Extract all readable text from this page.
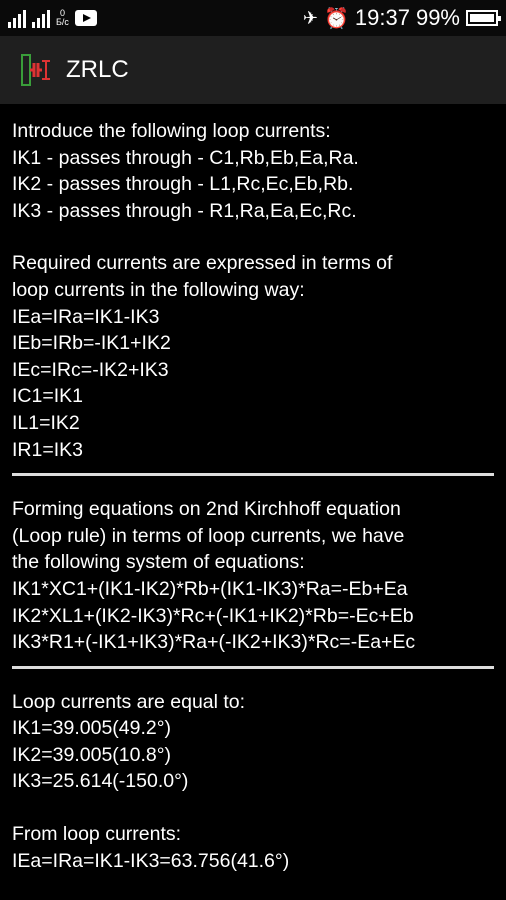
0
Б/с	✈ ⏰ 19:37 99%
ZRLC

Introduce the following loop currents:

IK1 - passes through - C1,Rb,Eb,Ea,Ra.

IK2 - passes through - L1,Rc,Ec,Eb,Rb.

IK3 - passes through - R1,Ra,Ea,Ec,Rc.

Required currents are expressed in terms of

loop currents in the following way:

IEa=IRa=IK1-IK3

IEb=IRb=-IK1+IK2

IEc=IRc=-IK2+IK3

IC1=IK1

IL1=IK2

IR1=IK3

Forming equations on 2nd Kirchhoff equation

(Loop rule) in terms of loop currents, we have

the following system of equations:

IK1*XC1+(IK1-IK2)*Rb+(IK1-IK3)*Ra=-Eb+Ea

IK2*XL1+(IK2-IK3)*Rc+(-IK1+IK2)*Rb=-Ec+Eb

IK3*R1+(-IK1+IK3)*Ra+(-IK2+IK3)*Rc=-Ea+Ec

Loop currents are equal to:

IK1=39.005(49.2°)

IK2=39.005(10.8°)

IK3=25.614(-150.0°)

From loop currents:

IEa=IRa=IK1-IK3=63.756(41.6°)
